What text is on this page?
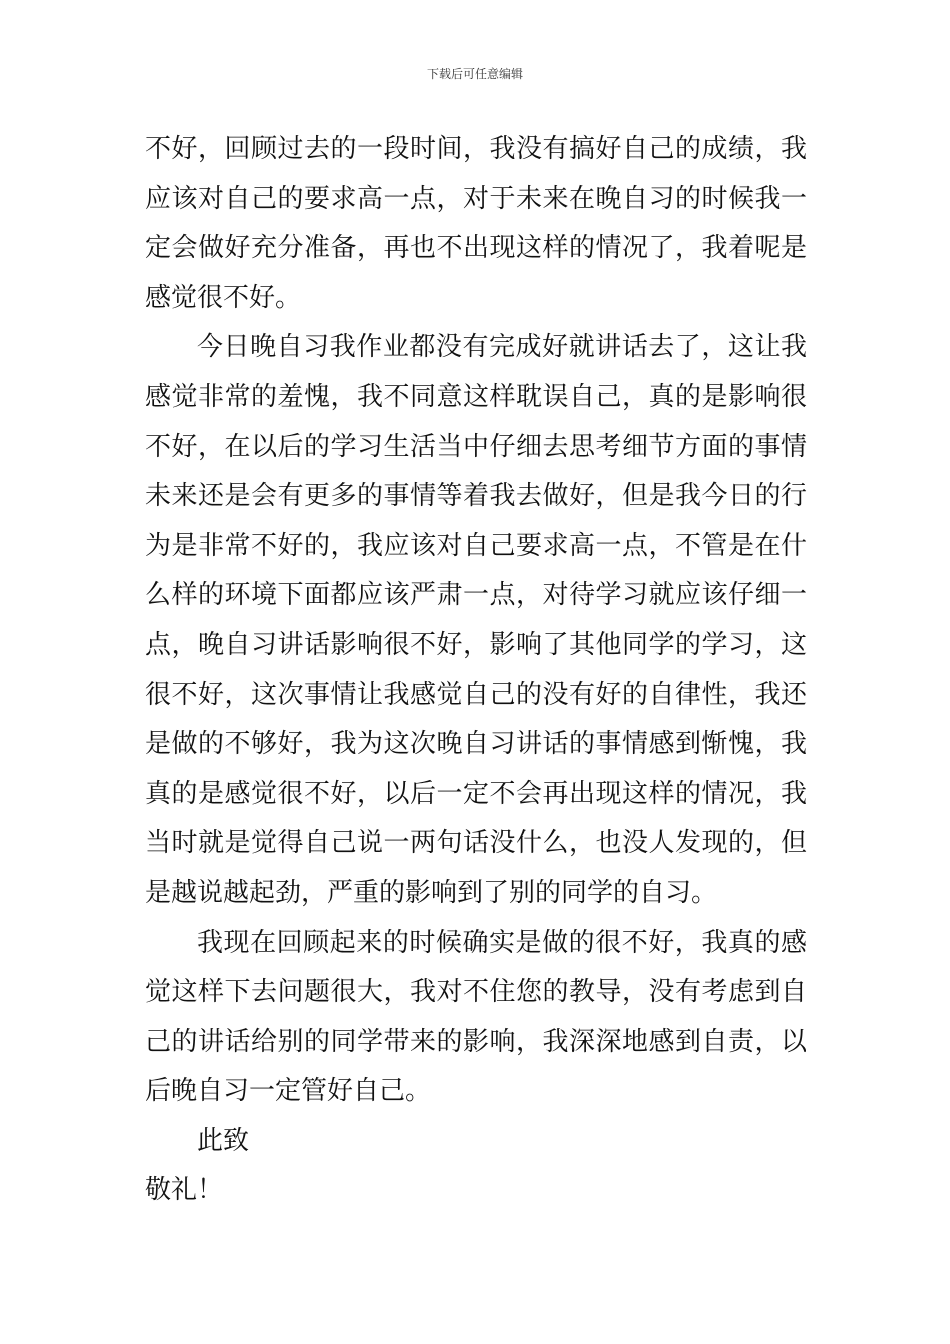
下载后可任意编辑
不好，回顾过去的一段时间，我没有搞好自己的成绩，我
应该对自己的要求高一点，对于未来在晚自习的时候我一
定会做好充分准备，再也不出现这样的情况了，我着呢是
感觉很不好。
今日晚自习我作业都没有完成好就讲话去了，这让我
感觉非常的羞愧，我不同意这样耽误自己，真的是影响很
不好，在以后的学习生活当中仔细去思考细节方面的事情
未来还是会有更多的事情等着我去做好，但是我今日的行
为是非常不好的，我应该对自己要求高一点，不管是在什
么样的环境下面都应该严肃一点，对待学习就应该仔细一
点，晚自习讲话影响很不好，影响了其他同学的学习，这
很不好，这次事情让我感觉自己的没有好的自律性，我还
是做的不够好，我为这次晚自习讲话的事情感到惭愧，我
真的是感觉很不好，以后一定不会再出现这样的情况，我
当时就是觉得自己说一两句话没什么，也没人发现的，但
是越说越起劲，严重的影响到了别的同学的自习。
我现在回顾起来的时候确实是做的很不好，我真的感
觉这样下去问题很大，我对不住您的教导，没有考虑到自
己的讲话给别的同学带来的影响，我深深地感到自责，以
后晚自习一定管好自己。
此致
敬礼！
